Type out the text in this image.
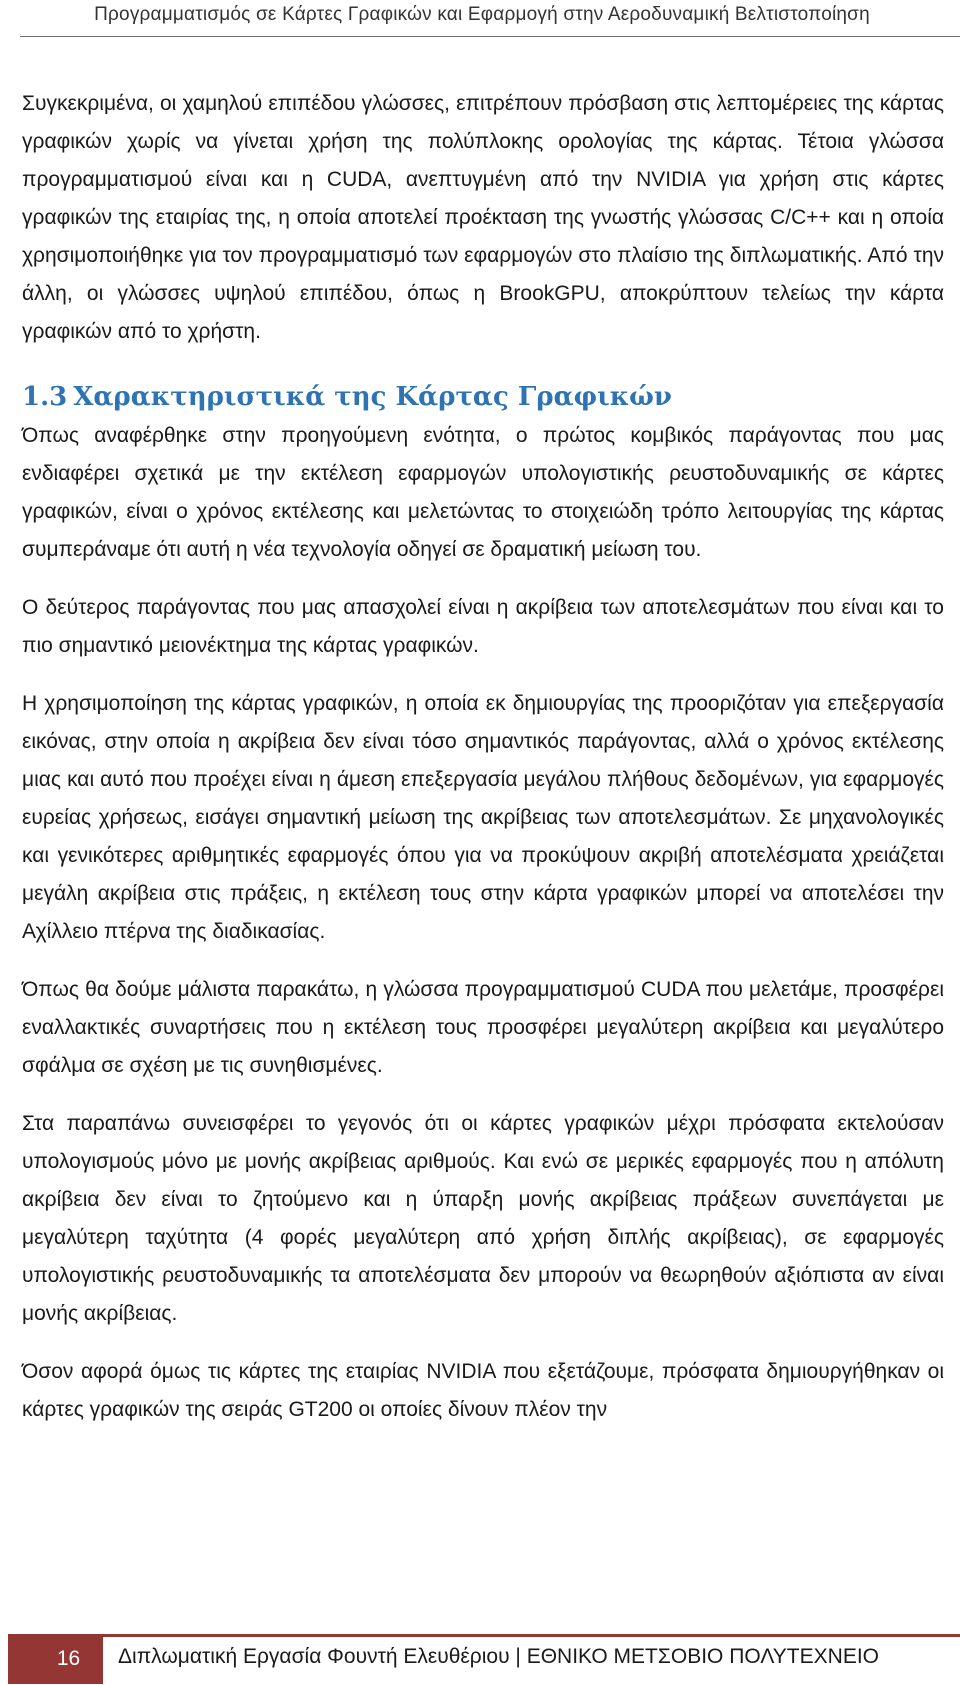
Προγραμματισμός σε Κάρτες Γραφικών και Εφαρμογή στην Αεροδυναμική Βελτιστοποίηση

Συγκεκριμένα, οι χαμηλού επιπέδου γλώσσες, επιτρέπουν πρόσβαση στις λεπτομέρειες της κάρτας γραφικών χωρίς να γίνεται χρήση της πολύπλοκης ορολογίας της κάρτας. Τέτοια γλώσσα προγραμματισμού είναι και η CUDA, ανεπτυγμένη από την NVIDIA για χρήση στις κάρτες γραφικών της εταιρίας της, η οποία αποτελεί προέκταση της γνωστής γλώσσας C/C++ και η οποία χρησιμοποιήθηκε για τον προγραμματισμό των εφαρμογών στο πλαίσιο της διπλωματικής. Από την άλλη, οι γλώσσες υψηλού επιπέδου, όπως η BrookGPU, αποκρύπτουν τελείως την κάρτα γραφικών από το χρήστη.

1.3 Χαρακτηριστικά της Κάρτας Γραφικών

Όπως αναφέρθηκε στην προηγούμενη ενότητα, ο πρώτος κομβικός παράγοντας που μας ενδιαφέρει σχετικά με την εκτέλεση εφαρμογών υπολογιστικής ρευστοδυναμικής σε κάρτες γραφικών, είναι ο χρόνος εκτέλεσης και μελετώντας το στοιχειώδη τρόπο λειτουργίας της κάρτας συμπεράναμε ότι αυτή η νέα τεχνολογία οδηγεί σε δραματική μείωση του.

Ο δεύτερος παράγοντας που μας απασχολεί είναι η ακρίβεια των αποτελεσμάτων που είναι και το πιο σημαντικό μειονέκτημα της κάρτας γραφικών.

Η χρησιμοποίηση της κάρτας γραφικών, η οποία εκ δημιουργίας της προοριζόταν για επεξεργασία εικόνας, στην οποία η ακρίβεια δεν είναι τόσο σημαντικός παράγοντας, αλλά ο χρόνος εκτέλεσης μιας και αυτό που προέχει είναι η άμεση επεξεργασία μεγάλου πλήθους δεδομένων, για εφαρμογές ευρείας χρήσεως, εισάγει σημαντική μείωση της ακρίβειας των αποτελεσμάτων. Σε μηχανολογικές και γενικότερες αριθμητικές εφαρμογές όπου για να προκύψουν ακριβή αποτελέσματα χρειάζεται μεγάλη ακρίβεια στις πράξεις, η εκτέλεση τους στην κάρτα γραφικών μπορεί να αποτελέσει την Αχίλλειο πτέρνα της διαδικασίας.

Όπως θα δούμε μάλιστα παρακάτω, η γλώσσα προγραμματισμού CUDA που μελετάμε, προσφέρει εναλλακτικές συναρτήσεις που η εκτέλεση τους προσφέρει μεγαλύτερη ακρίβεια και μεγαλύτερο σφάλμα σε σχέση με τις συνηθισμένες.

Στα παραπάνω συνεισφέρει το γεγονός ότι οι κάρτες γραφικών μέχρι πρόσφατα εκτελούσαν υπολογισμούς μόνο με μονής ακρίβειας αριθμούς. Και ενώ σε μερικές εφαρμογές που η απόλυτη ακρίβεια δεν είναι το ζητούμενο και η ύπαρξη μονής ακρίβειας πράξεων συνεπάγεται με μεγαλύτερη ταχύτητα (4 φορές μεγαλύτερη από χρήση διπλής ακρίβειας), σε εφαρμογές υπολογιστικής ρευστοδυναμικής τα αποτελέσματα δεν μπορούν να θεωρηθούν αξιόπιστα αν είναι μονής ακρίβειας.

Όσον αφορά όμως τις κάρτες της εταιρίας NVIDIA που εξετάζουμε, πρόσφατα δημιουργήθηκαν οι κάρτες γραφικών της σειράς GT200 οι οποίες δίνουν πλέον την

16 Διπλωματική Εργασία Φουντή Ελευθέριου | ΕΘΝΙΚΟ ΜΕΤΣΟΒΙΟ ΠΟΛΥΤΕΧΝΕΙΟ
